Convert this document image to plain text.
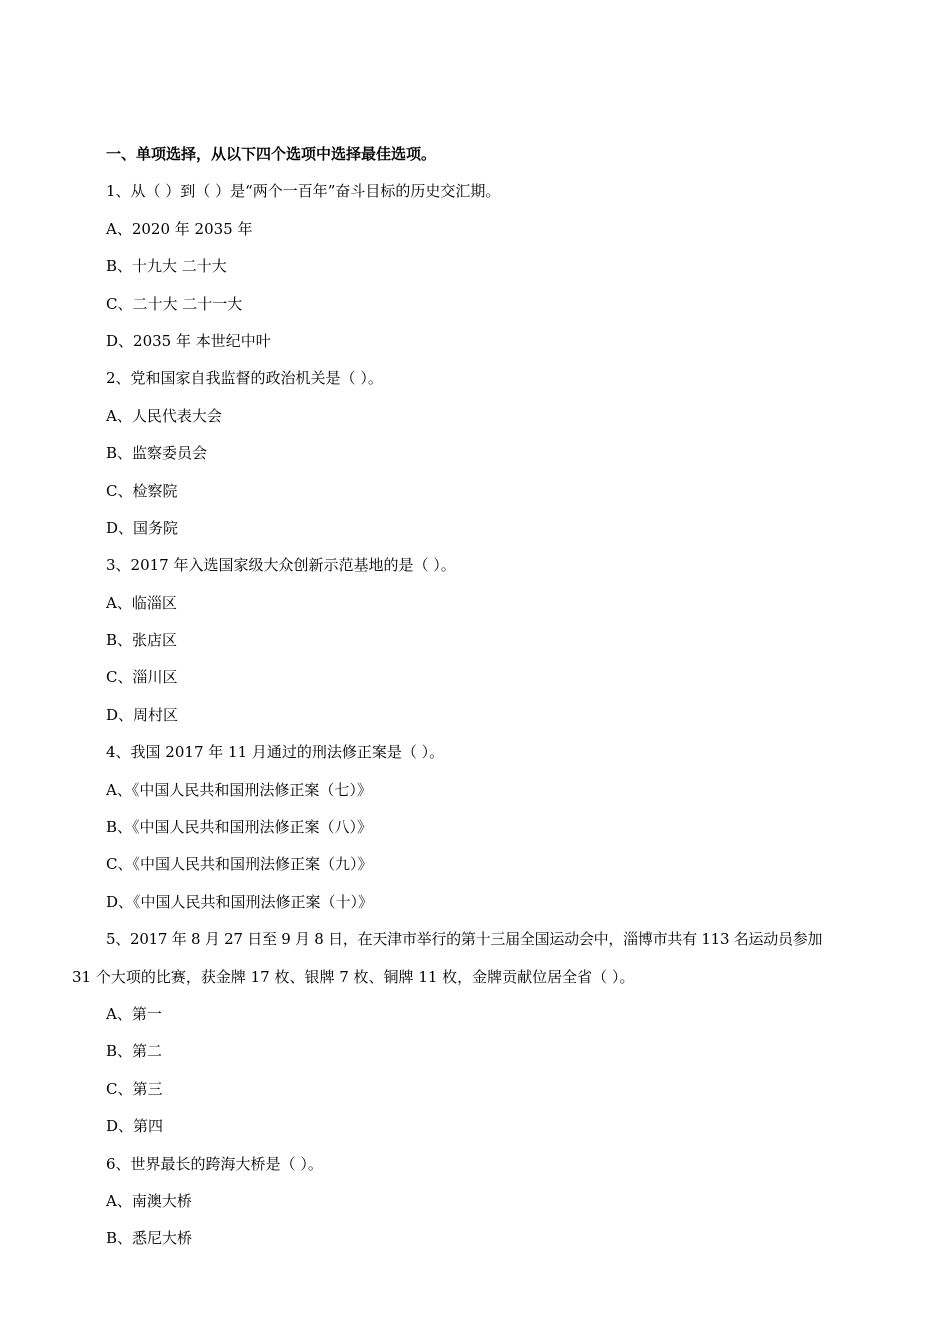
一、单项选择，从以下四个选项中选择最佳选项。
1、从（ ）到（ ）是“两个一百年”奋斗目标的历史交汇期。
A、2020 年 2035 年
B、十九大 二十大
C、二十大 二十一大
D、2035 年 本世纪中叶
2、党和国家自我监督的政治机关是（ ）。
A、人民代表大会
B、监察委员会
C、检察院
D、国务院
3、2017 年入选国家级大众创新示范基地的是（ ）。
A、临淄区
B、张店区
C、淄川区
D、周村区
4、我国 2017 年 11 月通过的刑法修正案是（ ）。
A、《中国人民共和国刑法修正案（七）》
B、《中国人民共和国刑法修正案（八）》
C、《中国人民共和国刑法修正案（九）》
D、《中国人民共和国刑法修正案（十）》
5、2017 年 8 月 27 日至 9 月 8 日，在天津市举行的第十三届全国运动会中，淄博市共有 113 名运动员参加
31 个大项的比赛，获金牌 17 枚、银牌 7 枚、铜牌 11 枚，金牌贡献位居全省（ ）。
A、第一
B、第二
C、第三
D、第四
6、世界最长的跨海大桥是（ ）。
A、南澳大桥
B、悉尼大桥
